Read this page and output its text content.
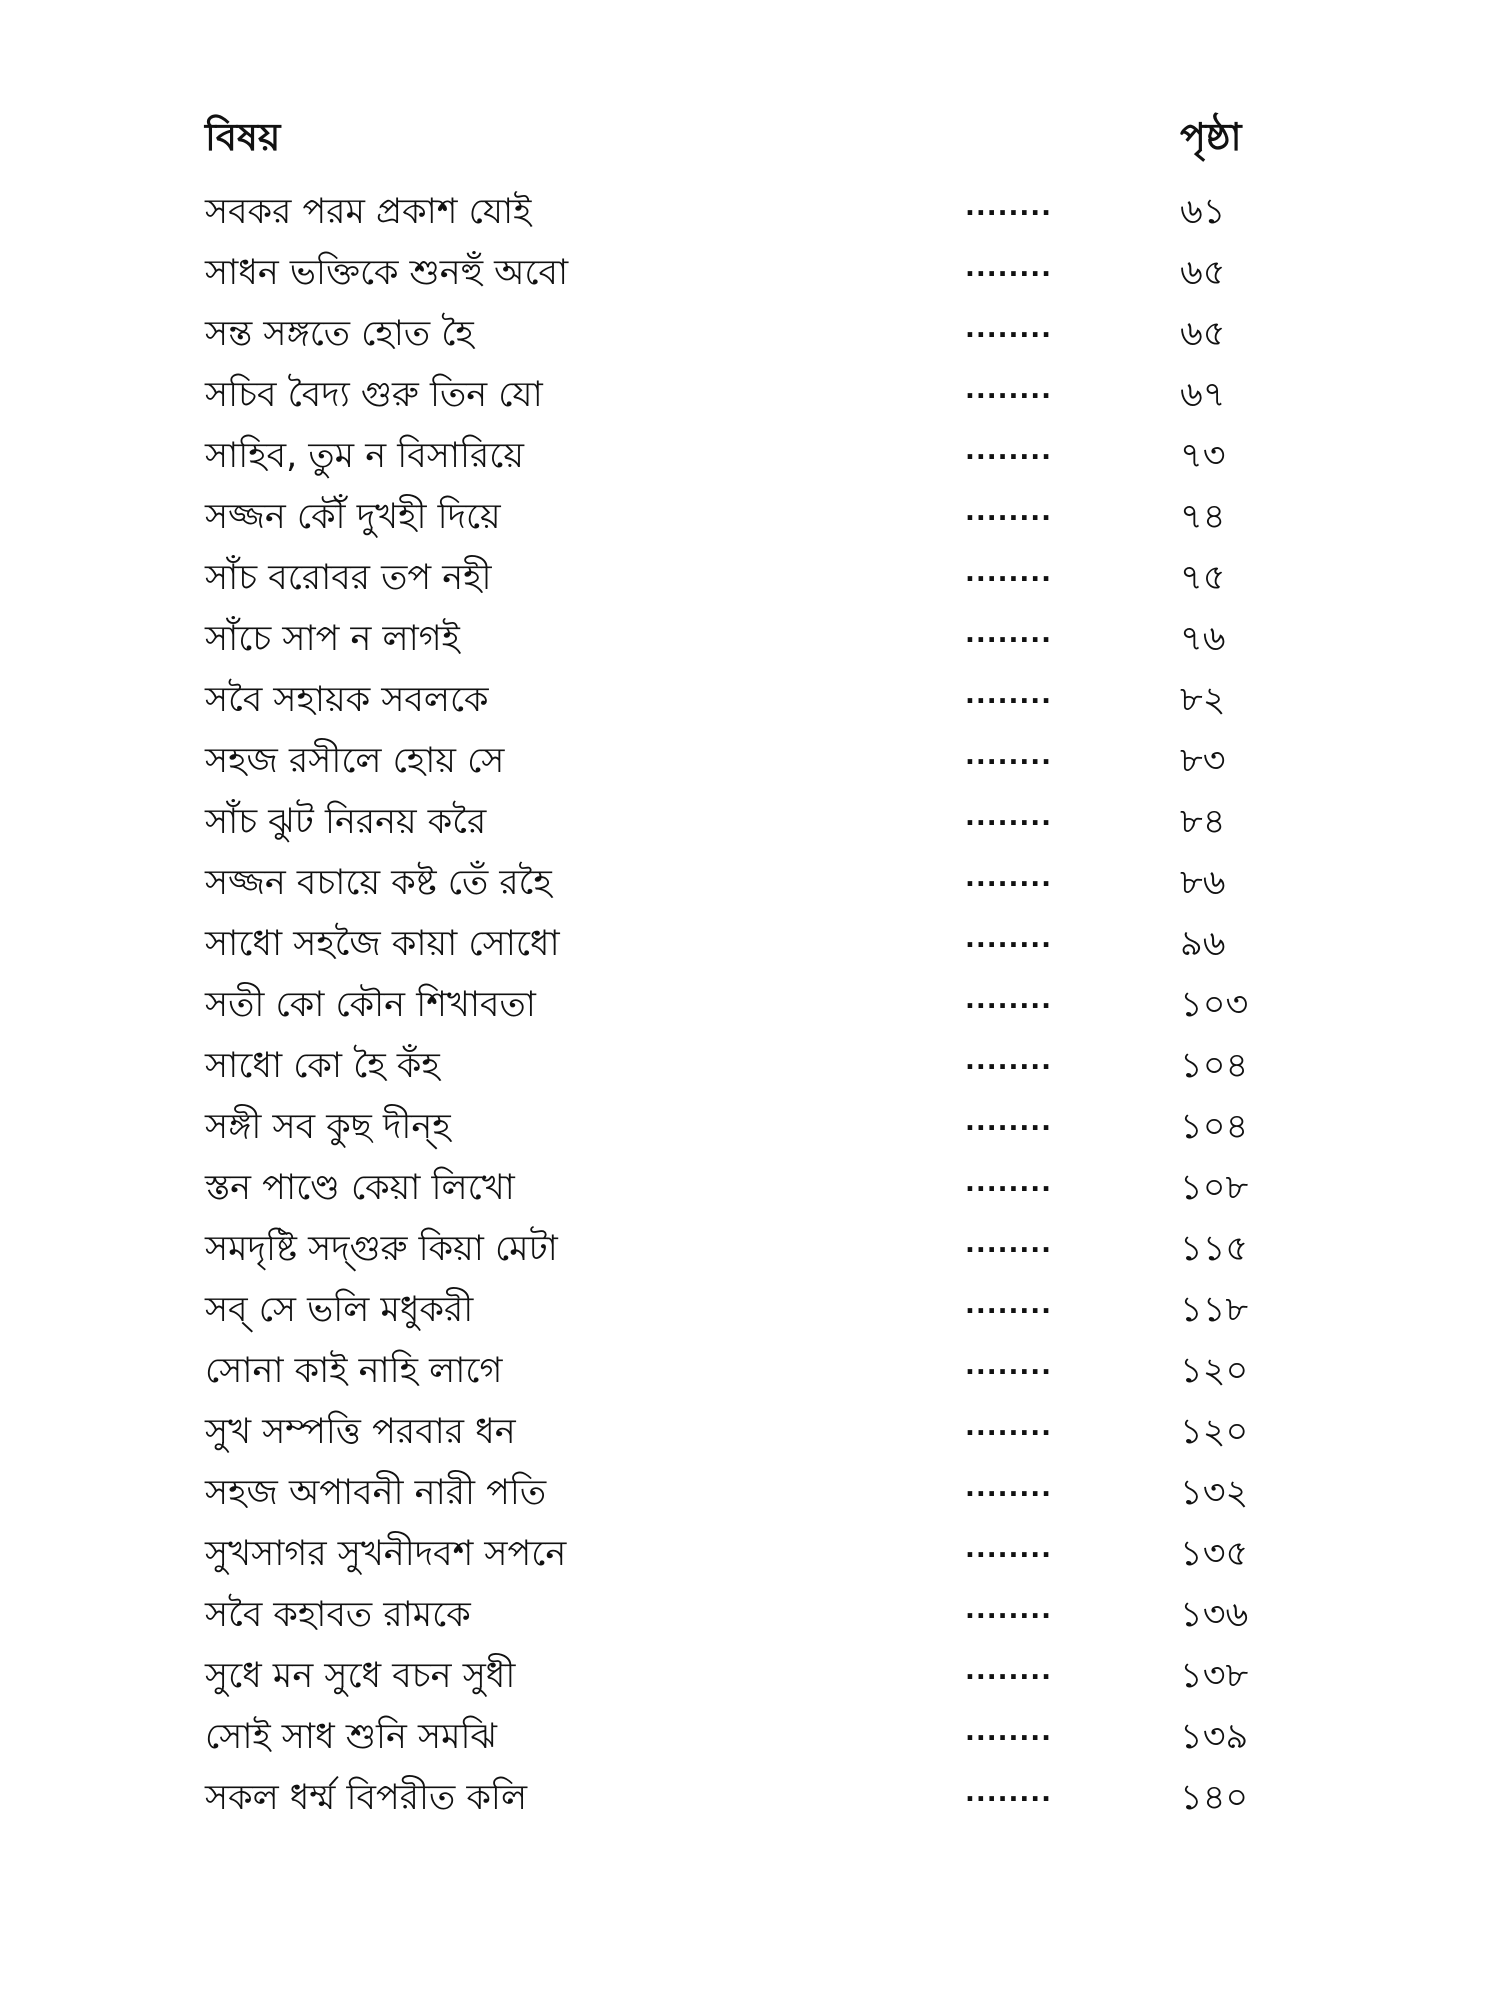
বিষয়	পৃষ্ঠা
সবকর পরম প্রকাশ যোই	........	৬১
সাধন ভক্তিকে শুনহুঁ অবো	........	৬৫
সন্ত সঙ্গতে হোত হৈ	........	৬৫
সচিব বৈদ্য গুরু তিন যো	........	৬৭
সাহিব, তুম ন বিসারিয়ে	........	৭৩
সজ্জন কৌঁ দুখহী দিয়ে	........	৭৪
সাঁচ বরোবর তপ নহী	........	৭৫
সাঁচে সাপ ন লাগই	........	৭৬
সবৈ সহায়ক সবলকে	........	৮২
সহজ রসীলে হোয় সে	........	৮৩
সাঁচ ঝুট নিরনয় করৈ	........	৮৪
সজ্জন বচায়ে কষ্ট তেঁ রহৈ	........	৮৬
সাধো সহজৈ কায়া সোধো	........	৯৬
সতী কো কৌন শিখাবতা	........	১০৩
সাধো কো হৈ কঁহ	........	১০৪
সঙ্গী সব কুছ দীন্হ	........	১০৪
স্তন পাণ্ডে কেয়া লিখো	........	১০৮
সমদৃষ্টি সদ্‌গুরু কিয়া মেটা	........	১১৫
সব্ সে ভলি মধুকরী	........	১১৮
সোনা কাই নাহি লাগে	........	১২০
সুখ সম্পত্তি পরবার ধন	........	১২০
সহজ অপাবনী নারী পতি	........	১৩২
সুখসাগর সুখনীদবশ সপনে	........	১৩৫
সবৈ কহাবত রামকে	........	১৩৬
সুধে মন সুধে বচন সুধী	........	১৩৮
সোই সাধ শুনি সমঝি	........	১৩৯
সকল ধর্ম্ম বিপরীত কলি	........	১৪০
